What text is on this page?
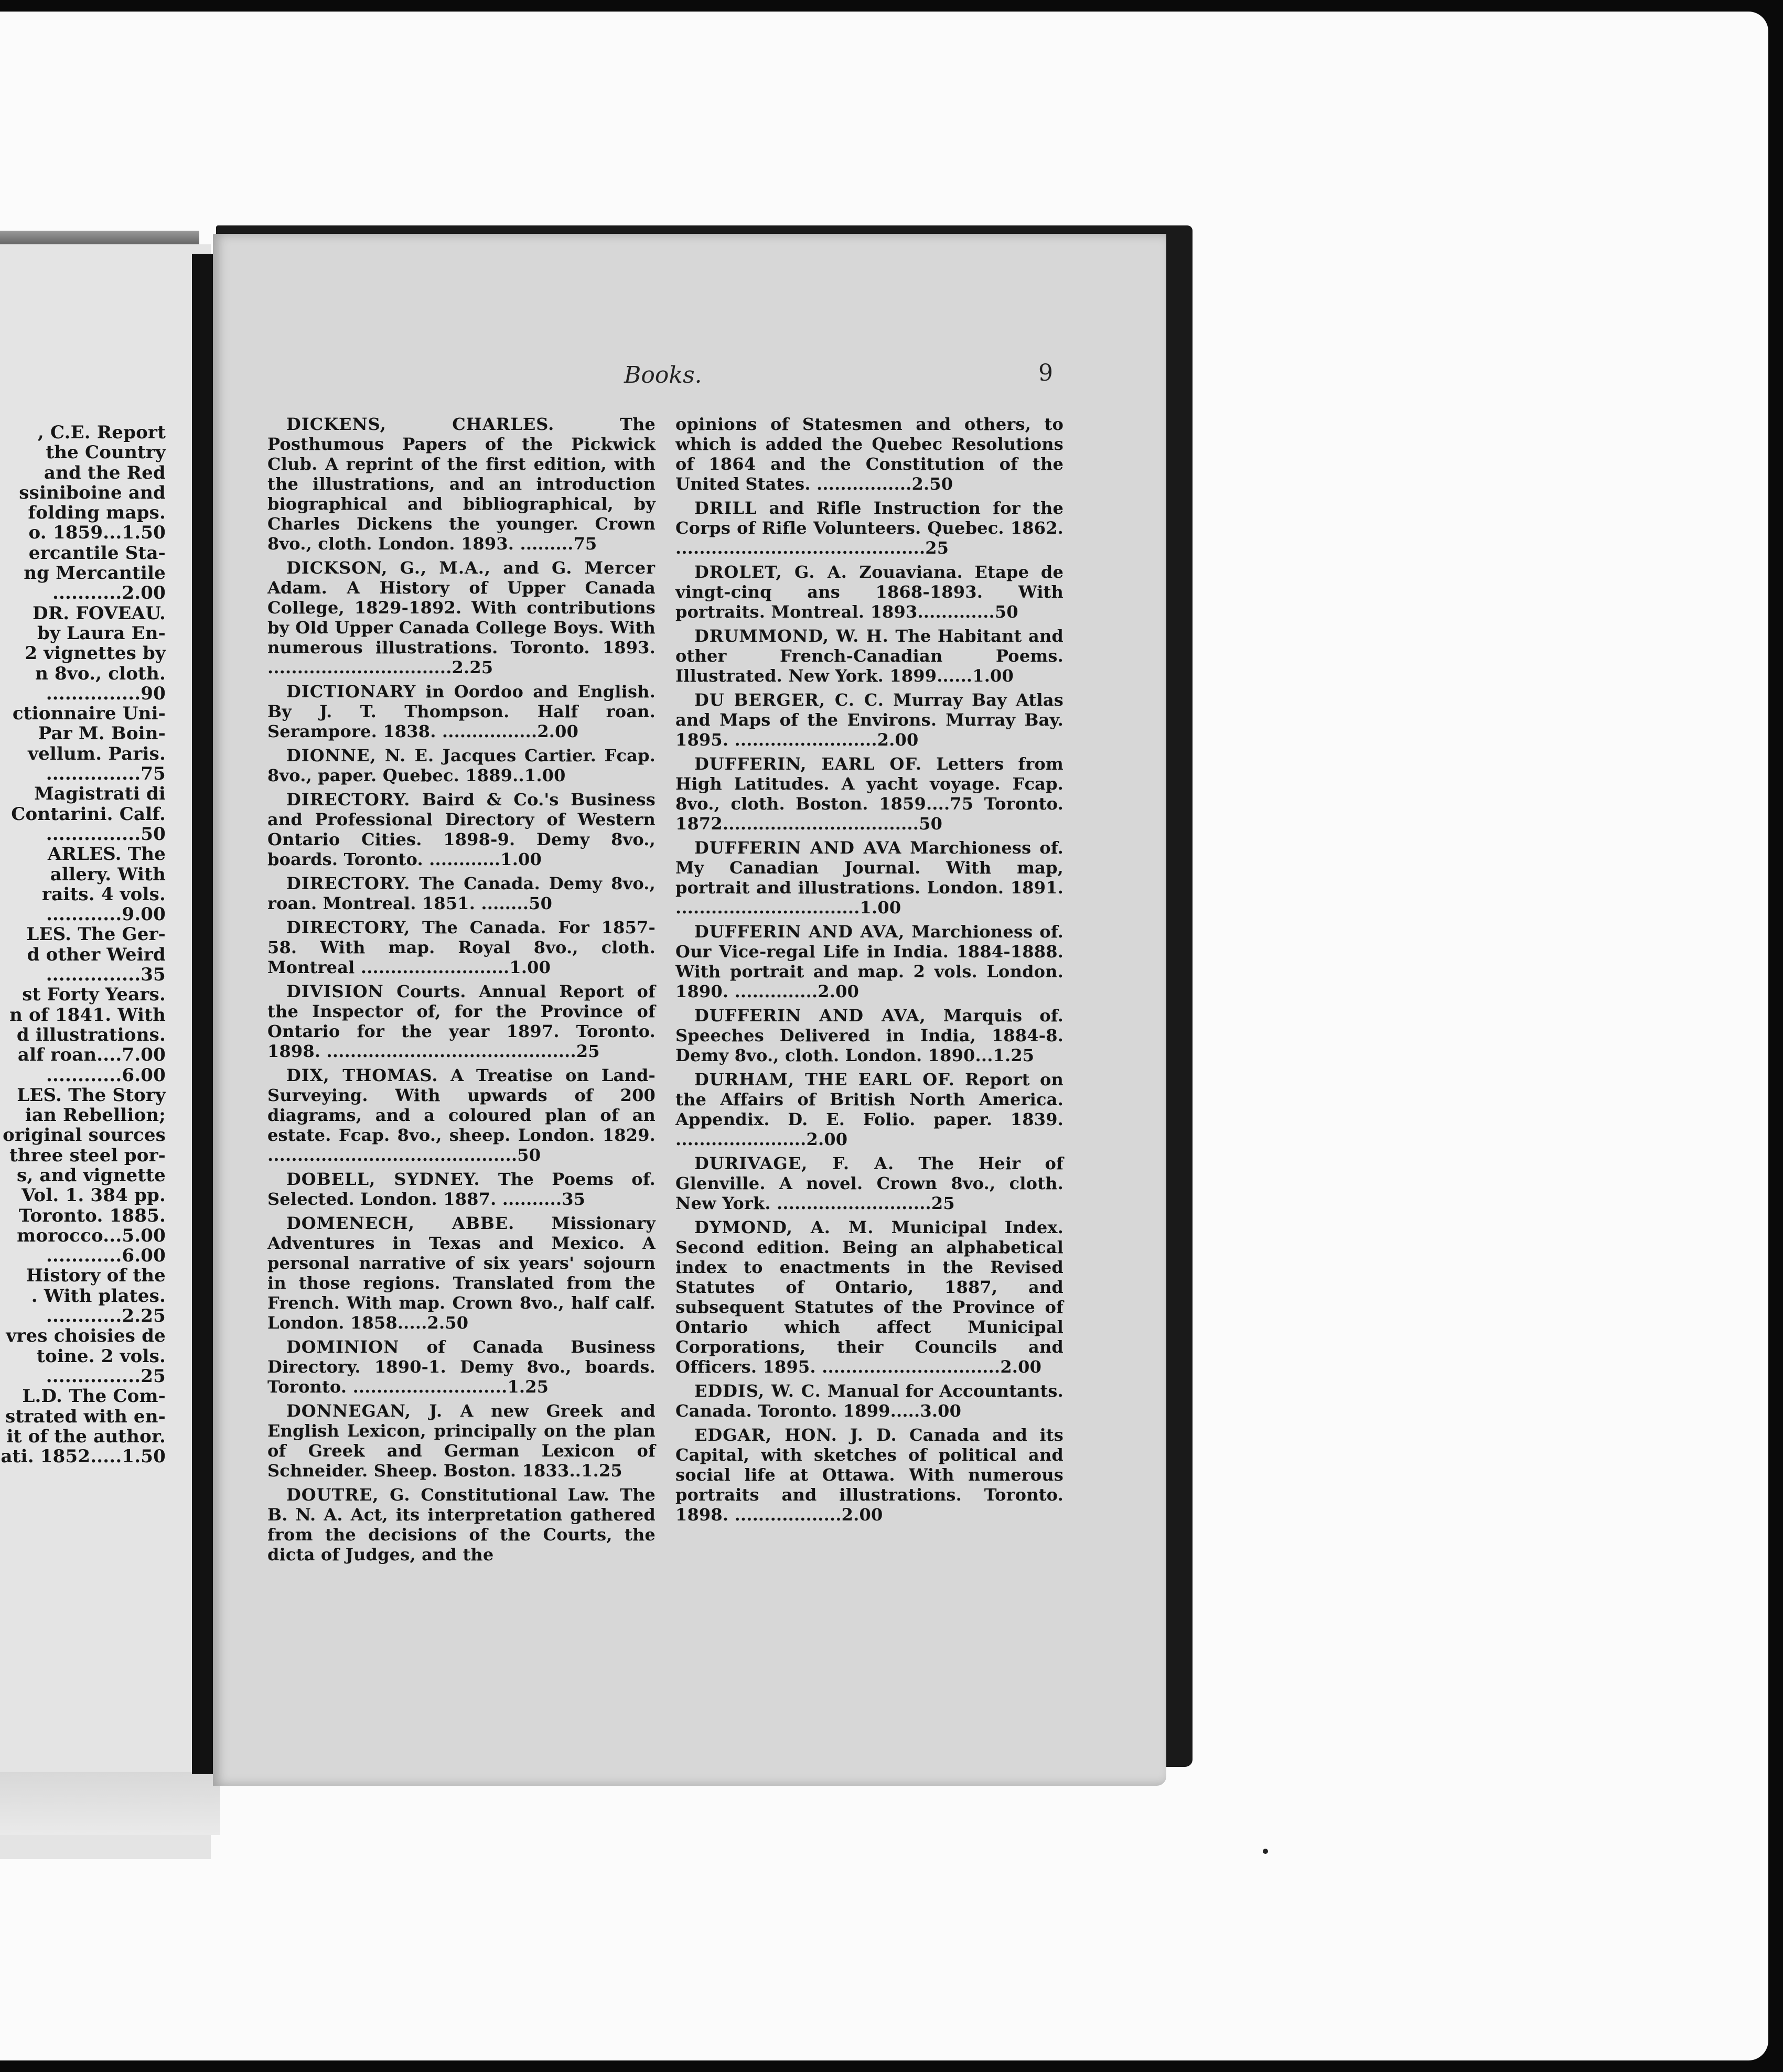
, C.E. Report
the Country
and the Red
ssiniboine and
folding maps.
o. 1859...1.50
ercantile Sta-
ng Mercantile
...........2.00
DR. FOVEAU.
by Laura En-
2 vignettes by
n 8vo., cloth.
...............90
ctionnaire Uni-
Par M. Boin-
vellum. Paris.
...............75
Magistrati di
Contarini. Calf.
...............50
ARLES. The
allery. With
raits. 4 vols.
............9.00
LES. The Ger-
d other Weird
...............35
st Forty Years.
n of 1841. With
d illustrations.
alf roan....7.00
............6.00
LES. The Story
ian Rebellion;
original sources
three steel por-
s, and vignette
Vol. 1. 384 pp.
Toronto. 1885.
morocco...5.00
............6.00
History of the
. With plates.
............2.25
vres choisies de
toine. 2 vols.
...............25
L.D. The Com-
strated with en-
it of the author.
ati. 1852.....1.50
Books.	9

DICKENS, CHARLES. The Posthumous Papers of the Pickwick Club. A reprint of the first edition, with the illustrations, and an introduction biographical and bibliographical, by Charles Dickens the younger. Crown 8vo., cloth. London. 1893. .........75

DICKSON, G., M.A., and G. Mercer Adam. A History of Upper Canada College, 1829-1892. With contributions by Old Upper Canada College Boys. With numerous illustrations. Toronto. 1893. ...............................2.25

DICTIONARY in Oordoo and English. By J. T. Thompson. Half roan. Serampore. 1838. ................2.00

DIONNE, N. E. Jacques Cartier. Fcap. 8vo., paper. Quebec. 1889..1.00

DIRECTORY. Baird & Co.'s Business and Professional Directory of Western Ontario Cities. 1898-9. Demy 8vo., boards. Toronto. ............1.00

DIRECTORY. The Canada. Demy 8vo., roan. Montreal. 1851. ........50

DIRECTORY, The Canada. For 1857-58. With map. Royal 8vo., cloth. Montreal .........................1.00

DIVISION Courts. Annual Report of the Inspector of, for the Province of Ontario for the year 1897. Toronto. 1898. ..........................................25

DIX, THOMAS. A Treatise on Land-Surveying. With upwards of 200 diagrams, and a coloured plan of an estate. Fcap. 8vo., sheep. London. 1829. ..........................................50

DOBELL, SYDNEY. The Poems of. Selected. London. 1887. ..........35

DOMENECH, ABBE. Missionary Adventures in Texas and Mexico. A personal narrative of six years' sojourn in those regions. Translated from the French. With map. Crown 8vo., half calf. London. 1858.....2.50

DOMINION of Canada Business Directory. 1890-1. Demy 8vo., boards. Toronto. ..........................1.25

DONNEGAN, J. A new Greek and English Lexicon, principally on the plan of Greek and German Lexicon of Schneider. Sheep. Boston. 1833..1.25

DOUTRE, G. Constitutional Law. The B. N. A. Act, its interpretation gathered from the decisions of the Courts, the dicta of Judges, and the

opinions of Statesmen and others, to which is added the Quebec Resolutions of 1864 and the Constitution of the United States. ................2.50

DRILL and Rifle Instruction for the Corps of Rifle Volunteers. Quebec. 1862. ..........................................25

DROLET, G. A. Zouaviana. Etape de vingt-cinq ans 1868-1893. With portraits. Montreal. 1893.............50

DRUMMOND, W. H. The Habitant and other French-Canadian Poems. Illustrated. New York. 1899......1.00

DU BERGER, C. C. Murray Bay Atlas and Maps of the Environs. Murray Bay. 1895. ........................2.00

DUFFERIN, EARL OF. Letters from High Latitudes. A yacht voyage. Fcap. 8vo., cloth. Boston. 1859....75 Toronto. 1872.................................50

DUFFERIN AND AVA Marchioness of. My Canadian Journal. With map, portrait and illustrations. London. 1891. ...............................1.00

DUFFERIN AND AVA, Marchioness of. Our Vice-regal Life in India. 1884-1888. With portrait and map. 2 vols. London. 1890. ..............2.00

DUFFERIN AND AVA, Marquis of. Speeches Delivered in India, 1884-8. Demy 8vo., cloth. London. 1890...1.25

DURHAM, THE EARL OF. Report on the Affairs of British North America. Appendix. D. E. Folio. paper. 1839. ......................2.00

DURIVAGE, F. A. The Heir of Glenville. A novel. Crown 8vo., cloth. New York. ..........................25

DYMOND, A. M. Municipal Index. Second edition. Being an alphabetical index to enactments in the Revised Statutes of Ontario, 1887, and subsequent Statutes of the Province of Ontario which affect Municipal Corporations, their Councils and Officers. 1895. ..............................2.00

EDDIS, W. C. Manual for Accountants. Canada. Toronto. 1899.....3.00

EDGAR, HON. J. D. Canada and its Capital, with sketches of political and social life at Ottawa. With numerous portraits and illustrations. Toronto. 1898. ..................2.00
